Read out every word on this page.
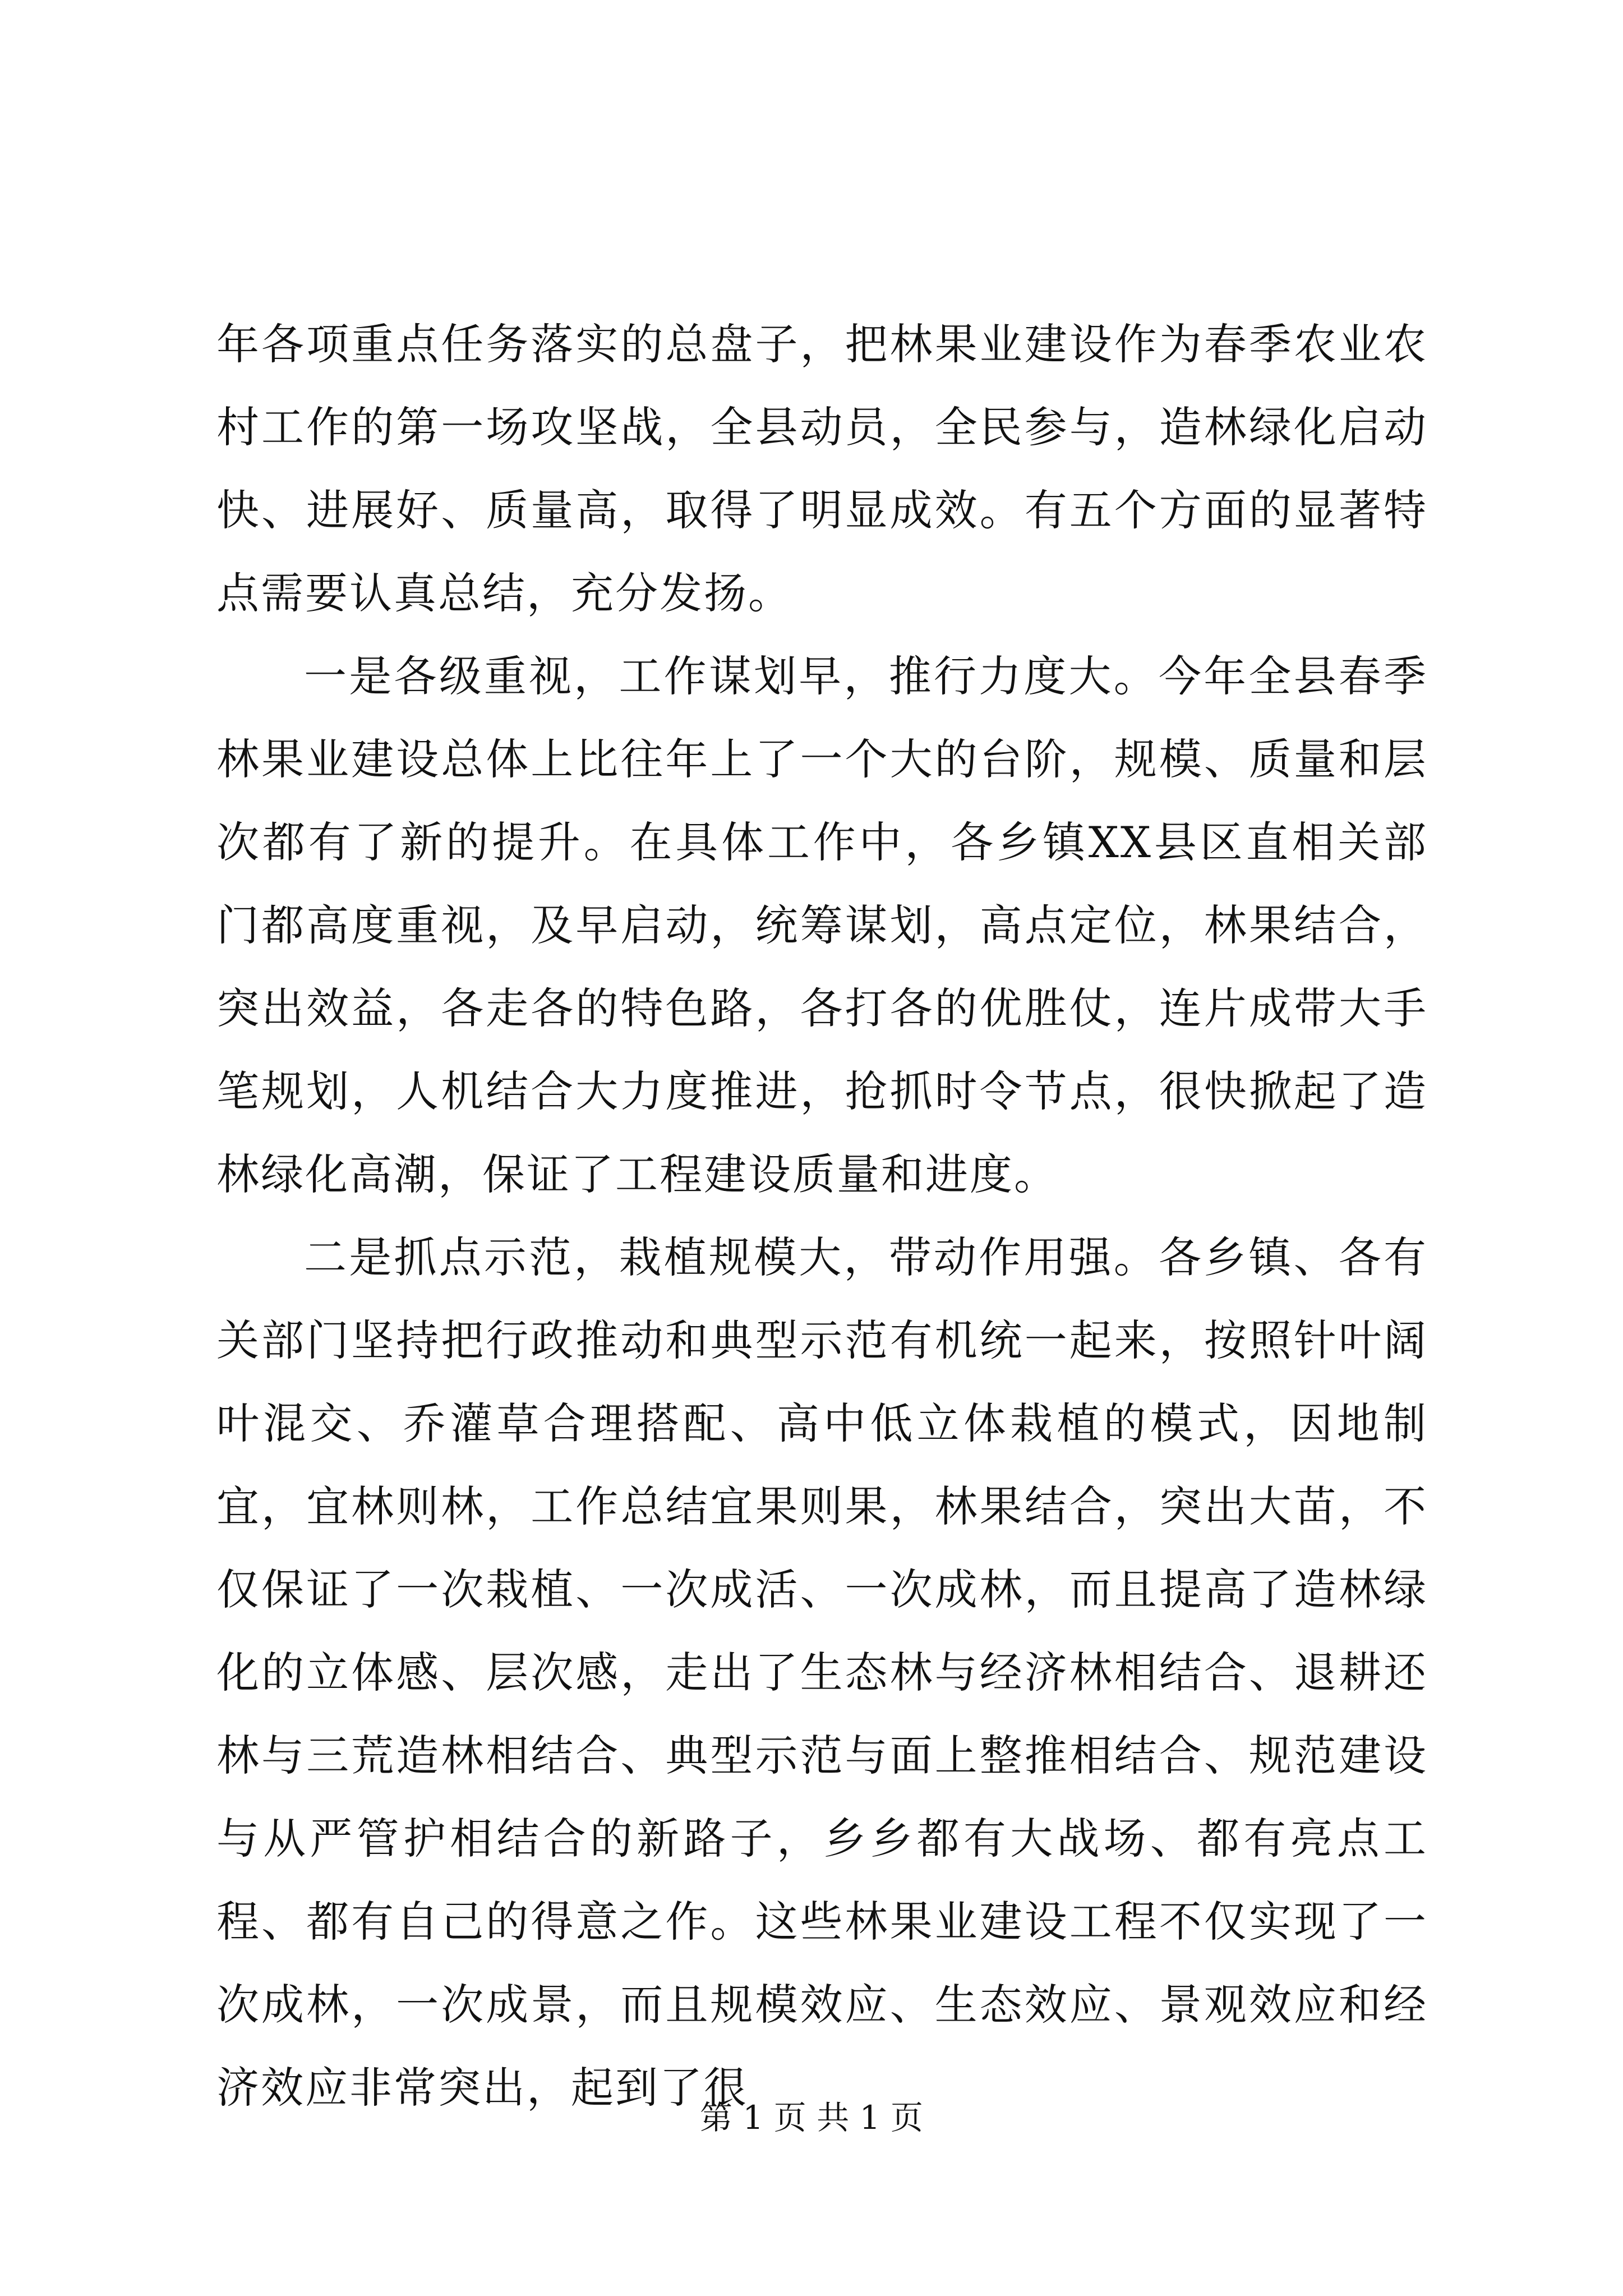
年各项重点任务落实的总盘子，把林果业建设作为春季农业农村工作的第一场攻坚战，全县动员，全民参与，造林绿化启动快、进展好、质量高，取得了明显成效。有五个方面的显著特点需要认真总结，充分发扬。

一是各级重视，工作谋划早，推行力度大。今年全县春季林果业建设总体上比往年上了一个大的台阶，规模、质量和层次都有了新的提升。在具体工作中，各乡镇XX县区直相关部门都高度重视，及早启动，统筹谋划，高点定位，林果结合，突出效益，各走各的特色路，各打各的优胜仗，连片成带大手笔规划，人机结合大力度推进，抢抓时令节点，很快掀起了造林绿化高潮，保证了工程建设质量和进度。

二是抓点示范，栽植规模大，带动作用强。各乡镇、各有关部门坚持把行政推动和典型示范有机统一起来，按照针叶阔叶混交、乔灌草合理搭配、高中低立体栽植的模式，因地制宜，宜林则林，工作总结宜果则果，林果结合，突出大苗，不仅保证了一次栽植、一次成活、一次成林，而且提高了造林绿化的立体感、层次感，走出了生态林与经济林相结合、退耕还林与三荒造林相结合、典型示范与面上整推相结合、规范建设与从严管护相结合的新路子，乡乡都有大战场、都有亮点工程、都有自己的得意之作。这些林果业建设工程不仅实现了一次成林，一次成景，而且规模效应、生态效应、景观效应和经济效应非常突出，起到了很

第 1 页 共 1 页
